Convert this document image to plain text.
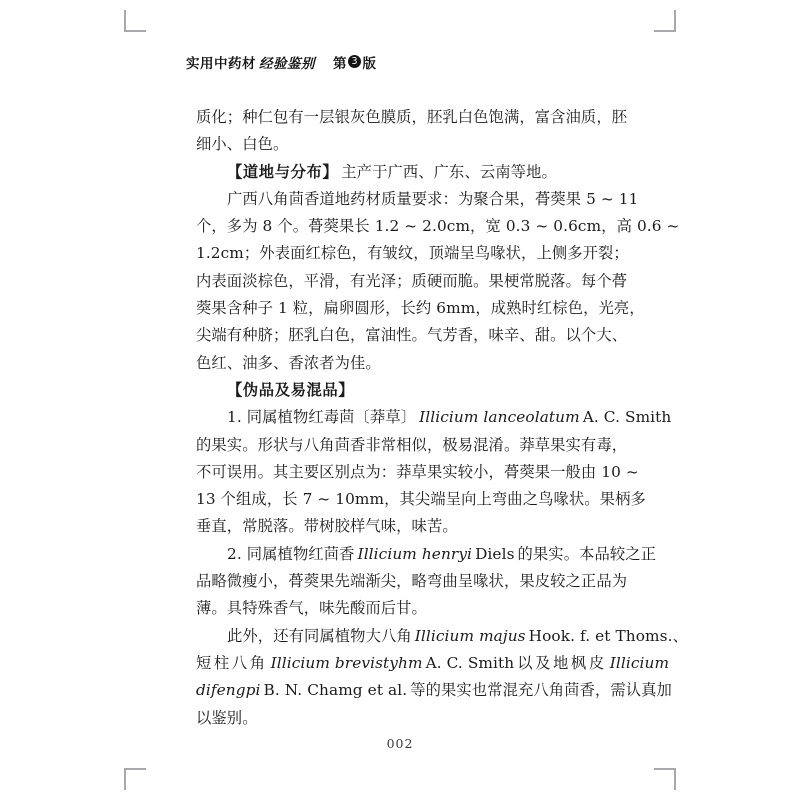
实用中药材 经验鉴别 第 3 版
质化；种仁包有一层银灰色膜质，胚乳白色饱满，富含油质，胚
细小、白色。
【道地与分布】 主产于广西、广东、云南等地。
广西八角茴香道地药材质量要求：为聚合果，蓇葖果 5 ~ 11
个，多为 8 个。蓇葖果长 1.2 ~ 2.0cm，宽 0.3 ~ 0.6cm，高 0.6 ~
1.2cm；外表面红棕色，有皱纹，顶端呈鸟喙状，上侧多开裂；
内表面淡棕色，平滑，有光泽；质硬而脆。果梗常脱落。每个蓇
葖果含种子 1 粒，扁卵圆形，长约 6mm，成熟时红棕色，光亮，
尖端有种脐；胚乳白色，富油性。气芳香，味辛、甜。以个大、
色红、油多、香浓者为佳。
【伪品及易混品】
1. 同属植物红毒茴〔莽草〕 Illicium lanceolatum A. C. Smith
的果实。形状与八角茴香非常相似，极易混淆。莽草果实有毒，
不可误用。其主要区别点为：莽草果实较小，蓇葖果一般由 10 ~
13 个组成，长 7 ~ 10mm，其尖端呈向上弯曲之鸟喙状。果柄多
垂直，常脱落。带树胶样气味，味苦。
2. 同属植物红茴香 Illicium henryi Diels 的果实。本品较之正
品略微瘦小，蓇葖果先端渐尖，略弯曲呈喙状，果皮较之正品为
薄。具特殊香气，味先酸而后甘。
此外，还有同属植物大八角 Illicium majus Hook. f. et Thoms.、
短柱八角 Illicium brevistyhm A. C. Smith 以及地枫皮 Illicium
difengpi B. N. Chamg et al. 等的果实也常混充八角茴香，需认真加
以鉴别。
002
